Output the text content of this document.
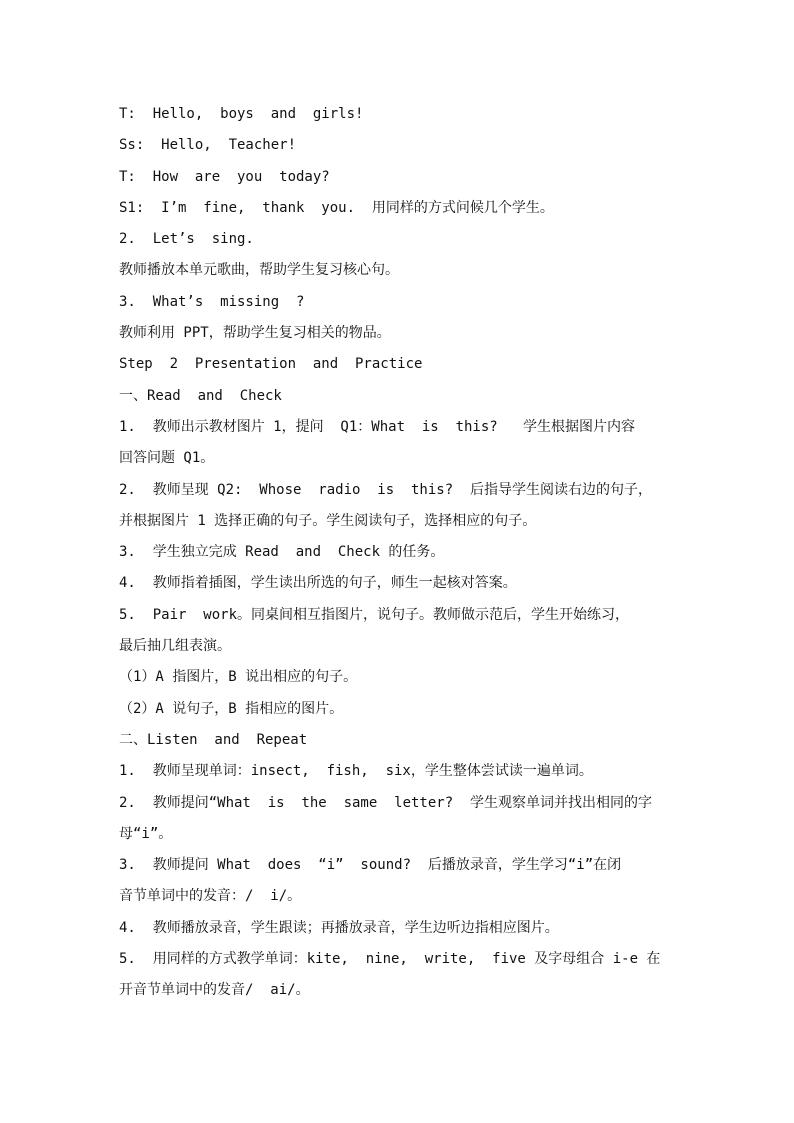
T:  Hello,  boys  and  girls!
Ss:  Hello,  Teacher!
T:  How  are  you  today?
S1:  I’m  fine,  thank  you.  用同样的方式问候几个学生。
2.  Let’s  sing.
教师播放本单元歌曲，帮助学生复习核心句。
3.  What’s  missing  ?
教师利用 PPT，帮助学生复习相关的物品。
Step  2  Presentation  and  Practice
一、Read  and  Check
1.  教师出示教材图片 1，提问  Q1：What  is  this?   学生根据图片内容
回答问题 Q1。
2.  教师呈现 Q2:  Whose  radio  is  this?  后指导学生阅读右边的句子，
并根据图片 1 选择正确的句子。学生阅读句子，选择相应的句子。
3.  学生独立完成 Read  and  Check 的任务。
4.  教师指着插图，学生读出所选的句子，师生一起核对答案。
5.  Pair  work。同桌间相互指图片，说句子。教师做示范后，学生开始练习，
最后抽几组表演。
（1）A 指图片，B 说出相应的句子。
（2）A 说句子，B 指相应的图片。
二、Listen  and  Repeat
1.  教师呈现单词：insect,  fish,  six，学生整体尝试读一遍单词。
2.  教师提问“What  is  the  same  letter?  学生观察单词并找出相同的字
母“i”。
3.  教师提问 What  does  “i”  sound?  后播放录音，学生学习“i”在闭
音节单词中的发音：/  i/。
4.  教师播放录音，学生跟读；再播放录音，学生边听边指相应图片。
5.  用同样的方式教学单词：kite,  nine,  write,  five 及字母组合 i-e 在
开音节单词中的发音/  ai/。
